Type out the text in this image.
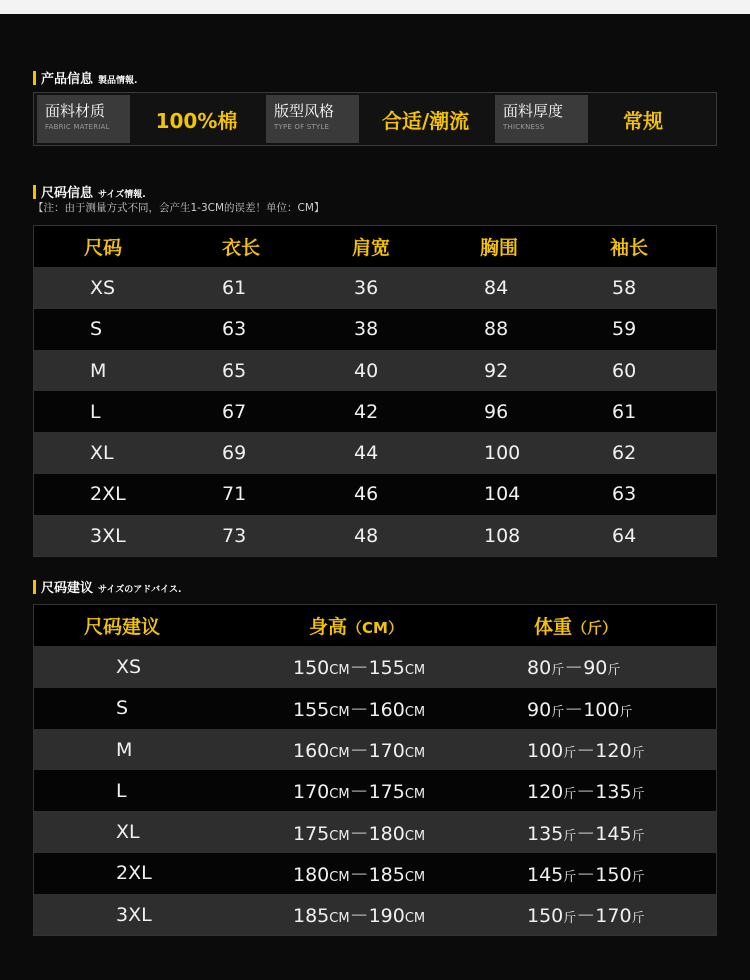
产品信息 製品情報.
面料材质
FABRIC MATERIAL	100%棉	版型风格
TYPE OF STYLE	合适/潮流	面料厚度
THICKNESS	常规
尺码信息 サイズ情報.
【注：由于测量方式不同，会产生1-3CM的误差！单位：CM】
尺码	衣长	肩宽	胸围	袖长
XS	61	36	84	58
S	63	38	88	59
M	65	40	92	60
L	67	42	96	61
XL	69	44	100	62
2XL	71	46	104	63
3XL	73	48	108	64
尺码建议 サイズのアドバイス.
尺码建议	身高（CM）	体重（斤）
XS	150CM－155CM	80斤－90斤
S	155CM－160CM	90斤－100斤
M	160CM－170CM	100斤－120斤
L	170CM－175CM	120斤－135斤
XL	175CM－180CM	135斤－145斤
2XL	180CM－185CM	145斤－150斤
3XL	185CM－190CM	150斤－170斤
